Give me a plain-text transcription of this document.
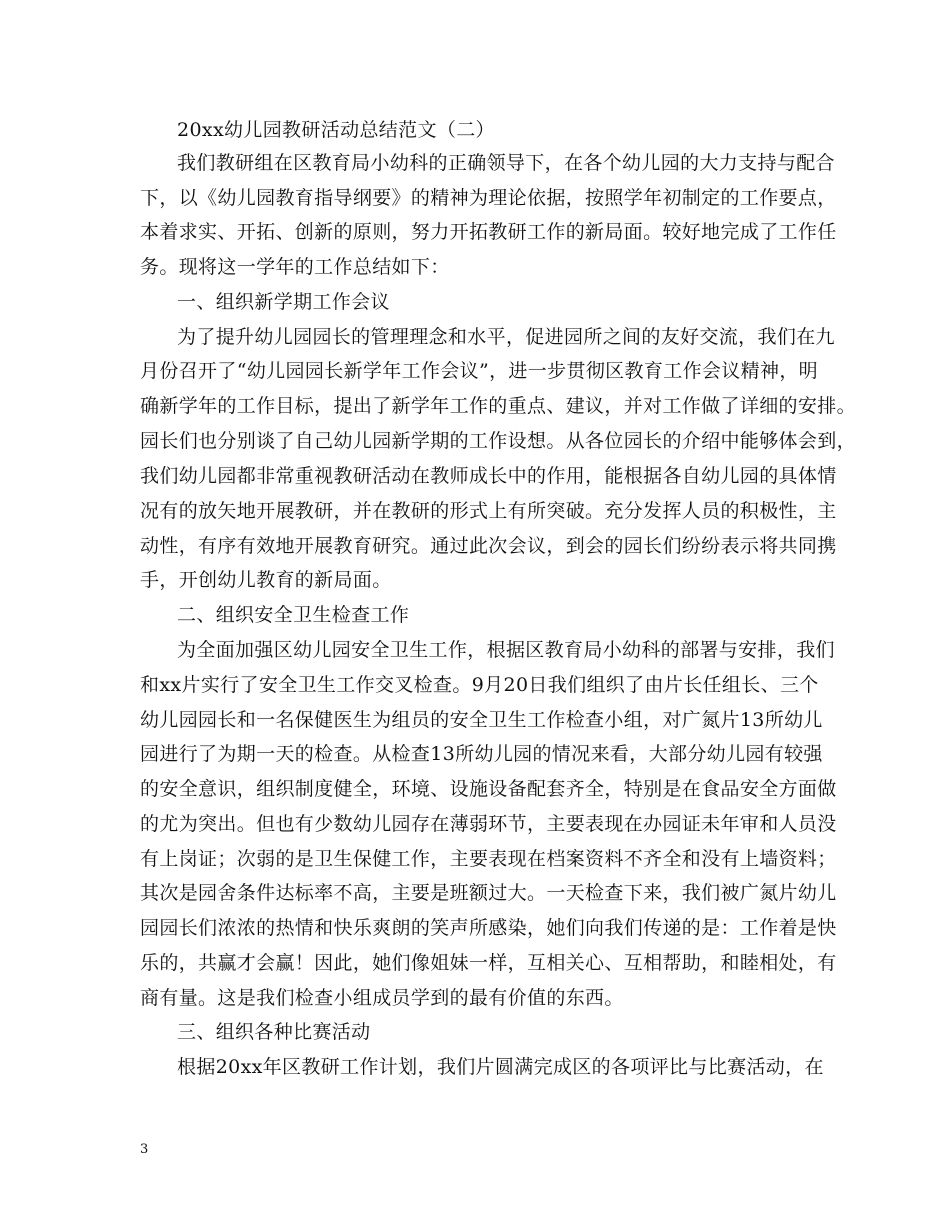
20xx幼儿园教研活动总结范文（二）
我们教研组在区教育局小幼科的正确领导下，在各个幼儿园的大力支持与配合
下，以《幼儿园教育指导纲要》的精神为理论依据，按照学年初制定的工作要点，
本着求实、开拓、创新的原则，努力开拓教研工作的新局面。较好地完成了工作任
务。现将这一学年的工作总结如下：
一、组织新学期工作会议
为了提升幼儿园园长的管理理念和水平，促进园所之间的友好交流，我们在九
月份召开了“幼儿园园长新学年工作会议”，进一步贯彻区教育工作会议精神，明
确新学年的工作目标，提出了新学年工作的重点、建议，并对工作做了详细的安排。
园长们也分别谈了自己幼儿园新学期的工作设想。从各位园长的介绍中能够体会到，
我们幼儿园都非常重视教研活动在教师成长中的作用，能根据各自幼儿园的具体情
况有的放矢地开展教研，并在教研的形式上有所突破。充分发挥人员的积极性，主
动性，有序有效地开展教育研究。通过此次会议，到会的园长们纷纷表示将共同携
手，开创幼儿教育的新局面。
二、组织安全卫生检查工作
为全面加强区幼儿园安全卫生工作，根据区教育局小幼科的部署与安排，我们
和xx片实行了安全卫生工作交叉检查。9月20日我们组织了由片长任组长、三个
幼儿园园长和一名保健医生为组员的安全卫生工作检查小组，对广氮片13所幼儿
园进行了为期一天的检查。从检查13所幼儿园的情况来看，大部分幼儿园有较强
的安全意识，组织制度健全，环境、设施设备配套齐全，特别是在食品安全方面做
的尤为突出。但也有少数幼儿园存在薄弱环节，主要表现在办园证未年审和人员没
有上岗证；次弱的是卫生保健工作，主要表现在档案资料不齐全和没有上墙资料；
其次是园舍条件达标率不高，主要是班额过大。一天检查下来，我们被广氮片幼儿
园园长们浓浓的热情和快乐爽朗的笑声所感染，她们向我们传递的是：工作着是快
乐的，共赢才会赢！因此，她们像姐妹一样，互相关心、互相帮助，和睦相处，有
商有量。这是我们检查小组成员学到的最有价值的东西。
三、组织各种比赛活动
根据20xx年区教研工作计划，我们片圆满完成区的各项评比与比赛活动，在
3
